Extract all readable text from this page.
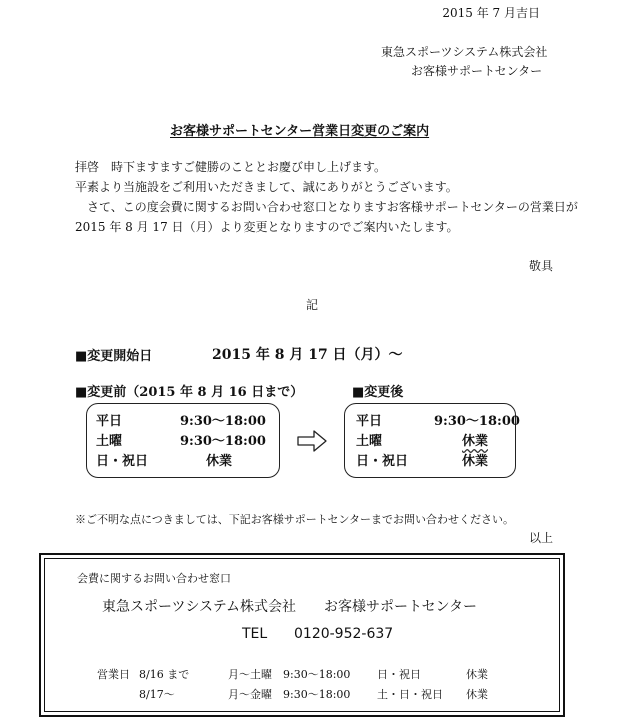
2015 年 7 月吉日
東急スポーツシステム株式会社
お客様サポートセンター
お客様サポートセンター営業日変更のご案内
拝啓　時下ますますご健勝のこととお慶び申し上げます。
平素より当施設をご利用いただきまして、誠にありがとうございます。
　さて、この度会費に関するお問い合わせ窓口となりますお客様サポートセンターの営業日が
2015 年 8 月 17 日（月）より変更となりますのでご案内いたします。
敬具
記
■変更開始日	2015 年 8 月 17 日（月）～
■変更前（2015 年 8 月 16 日まで）	■変更後
平日	9:30～18:00
土曜	9:30～18:00
日・祝日	休業
平日	9:30～18:00
土曜	休業
日・祝日	休業
※ご不明な点につきましては、下記お客様サポートセンターまでお問い合わせください。
以上
会費に関するお問い合わせ窓口
東急スポーツシステム株式会社　　お客様サポートセンター
TEL 0120-952-637
営業日 8/16 まで	月～土曜 9:30～18:00 日・祝日	休業
8/17～	月～金曜 9:30～18:00 土・日・祝日 休業
